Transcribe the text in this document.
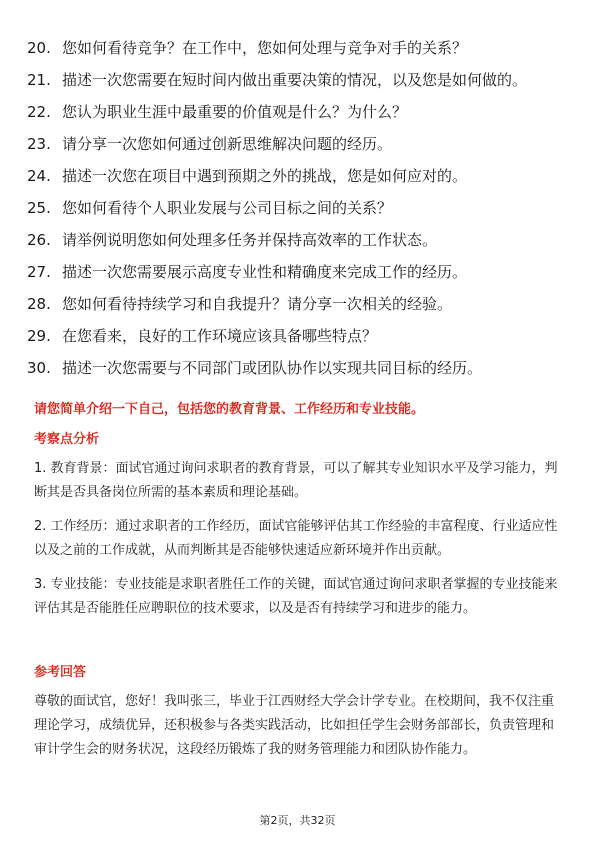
20. 您如何看待竞争？在工作中，您如何处理与竞争对手的关系？
21. 描述一次您需要在短时间内做出重要决策的情况，以及您是如何做的。
22. 您认为职业生涯中最重要的价值观是什么？为什么？
23. 请分享一次您如何通过创新思维解决问题的经历。
24. 描述一次您在项目中遇到预期之外的挑战，您是如何应对的。
25. 您如何看待个人职业发展与公司目标之间的关系？
26. 请举例说明您如何处理多任务并保持高效率的工作状态。
27. 描述一次您需要展示高度专业性和精确度来完成工作的经历。
28. 您如何看待持续学习和自我提升？请分享一次相关的经验。
29. 在您看来，良好的工作环境应该具备哪些特点？
30. 描述一次您需要与不同部门或团队协作以实现共同目标的经历。
请您简单介绍一下自己，包括您的教育背景、工作经历和专业技能。
考察点分析
1. 教育背景：面试官通过询问求职者的教育背景，可以了解其专业知识水平及学习能力，判断其是否具备岗位所需的基本素质和理论基础。
2. 工作经历：通过求职者的工作经历，面试官能够评估其工作经验的丰富程度、行业适应性以及之前的工作成就，从而判断其是否能够快速适应新环境并作出贡献。
3. 专业技能：专业技能是求职者胜任工作的关键，面试官通过询问求职者掌握的专业技能来评估其是否能胜任应聘职位的技术要求，以及是否有持续学习和进步的能力。
参考回答
尊敬的面试官，您好！我叫张三，毕业于江西财经大学会计学专业。在校期间，我不仅注重理论学习，成绩优异，还积极参与各类实践活动，比如担任学生会财务部部长，负责管理和审计学生会的财务状况，这段经历锻炼了我的财务管理能力和团队协作能力。
第2页，共32页
